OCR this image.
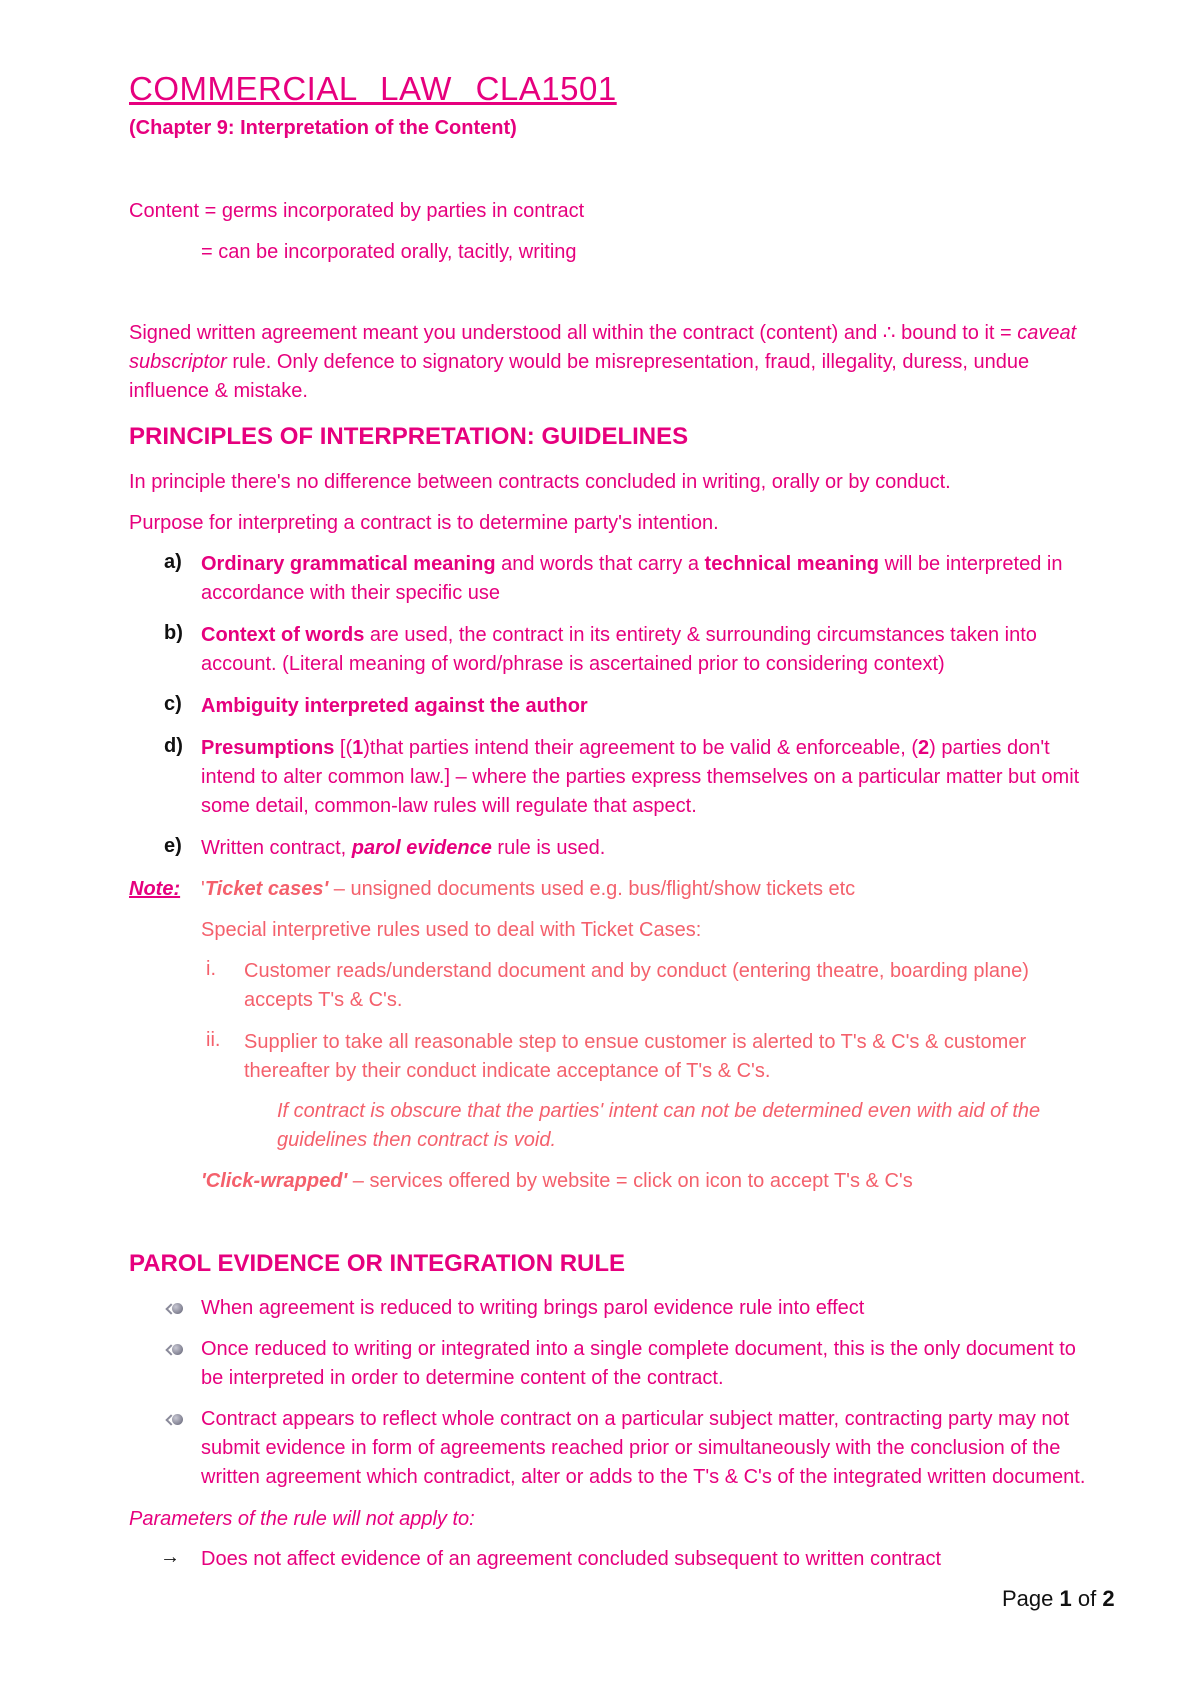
COMMERCIAL LAW CLA1501
(Chapter 9: Interpretation of the Content)
Content = germs incorporated by parties in contract
= can be incorporated orally, tacitly, writing
Signed written agreement meant you understood all within the contract (content) and ∴ bound to it = caveat subscriptor rule. Only defence to signatory would be misrepresentation, fraud, illegality, duress, undue influence & mistake.
PRINCIPLES OF INTERPRETATION: GUIDELINES
In principle there's no difference between contracts concluded in writing, orally or by conduct.
Purpose for interpreting a contract is to determine party's intention.
a) Ordinary grammatical meaning and words that carry a technical meaning will be interpreted in accordance with their specific use
b) Context of words are used, the contract in its entirety & surrounding circumstances taken into account. (Literal meaning of word/phrase is ascertained prior to considering context)
c) Ambiguity interpreted against the author
d) Presumptions [(1)that parties intend their agreement to be valid & enforceable, (2) parties don't intend to alter common law.] – where the parties express themselves on a particular matter but omit some detail, common-law rules will regulate that aspect.
e) Written contract, parol evidence rule is used.
Note: 'Ticket cases' – unsigned documents used e.g. bus/flight/show tickets etc
Special interpretive rules used to deal with Ticket Cases:
i. Customer reads/understand document and by conduct (entering theatre, boarding plane) accepts T's & C's.
ii. Supplier to take all reasonable step to ensue customer is alerted to T's & C's & customer thereafter by their conduct indicate acceptance of T's & C's.
If contract is obscure that the parties' intent can not be determined even with aid of the guidelines then contract is void.
'Click-wrapped' – services offered by website = click on icon to accept T's & C's
PAROL EVIDENCE OR INTEGRATION RULE
When agreement is reduced to writing brings parol evidence rule into effect
Once reduced to writing or integrated into a single complete document, this is the only document to be interpreted in order to determine content of the contract.
Contract appears to reflect whole contract on a particular subject matter, contracting party may not submit evidence in form of agreements reached prior or simultaneously with the conclusion of the written agreement which contradict, alter or adds to the T's & C's of the integrated written document.
Parameters of the rule will not apply to:
→ Does not affect evidence of an agreement concluded subsequent to written contract
Page 1 of 2
